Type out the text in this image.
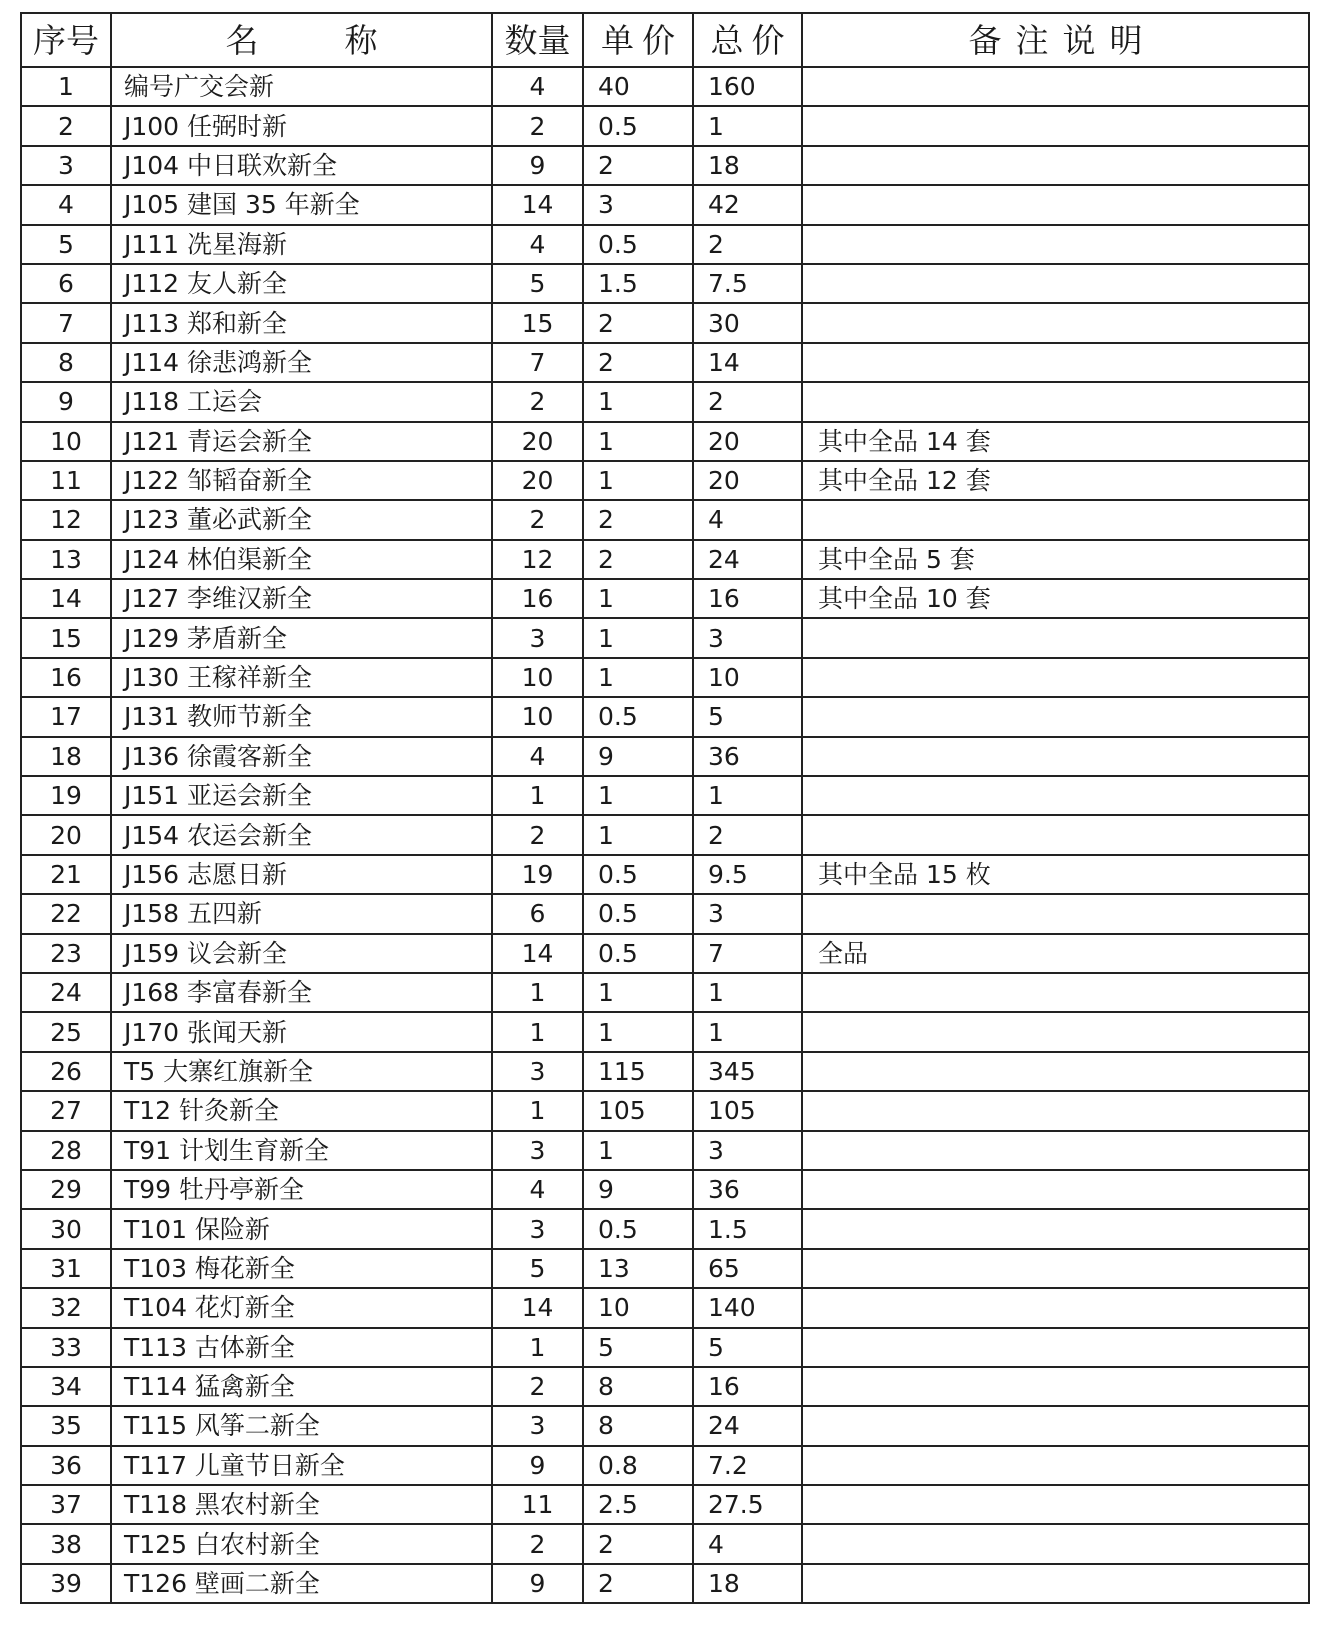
序号	名称	数量	单价	总价	备注说明
1	编号广交会新	4	40	160	
2	J100 任弼时新	2	0.5	1	
3	J104 中日联欢新全	9	2	18	
4	J105 建国 35 年新全	14	3	42	
5	J111 冼星海新	4	0.5	2	
6	J112 友人新全	5	1.5	7.5	
7	J113 郑和新全	15	2	30	
8	J114 徐悲鸿新全	7	2	14	
9	J118 工运会	2	1	2	
10	J121 青运会新全	20	1	20	其中全品 14 套
11	J122 邹韬奋新全	20	1	20	其中全品 12 套
12	J123 董必武新全	2	2	4	
13	J124 林伯渠新全	12	2	24	其中全品 5 套
14	J127 李维汉新全	16	1	16	其中全品 10 套
15	J129 茅盾新全	3	1	3	
16	J130 王稼祥新全	10	1	10	
17	J131 教师节新全	10	0.5	5	
18	J136 徐霞客新全	4	9	36	
19	J151 亚运会新全	1	1	1	
20	J154 农运会新全	2	1	2	
21	J156 志愿日新	19	0.5	9.5	其中全品 15 枚
22	J158 五四新	6	0.5	3	
23	J159 议会新全	14	0.5	7	全品
24	J168 李富春新全	1	1	1	
25	J170 张闻天新	1	1	1	
26	T5 大寨红旗新全	3	115	345	
27	T12 针灸新全	1	105	105	
28	T91 计划生育新全	3	1	3	
29	T99 牡丹亭新全	4	9	36	
30	T101 保险新	3	0.5	1.5	
31	T103 梅花新全	5	13	65	
32	T104 花灯新全	14	10	140	
33	T113 古体新全	1	5	5	
34	T114 猛禽新全	2	8	16	
35	T115 风筝二新全	3	8	24	
36	T117 儿童节日新全	9	0.8	7.2	
37	T118 黑农村新全	11	2.5	27.5	
38	T125 白农村新全	2	2	4	
39	T126 壁画二新全	9	2	18	
